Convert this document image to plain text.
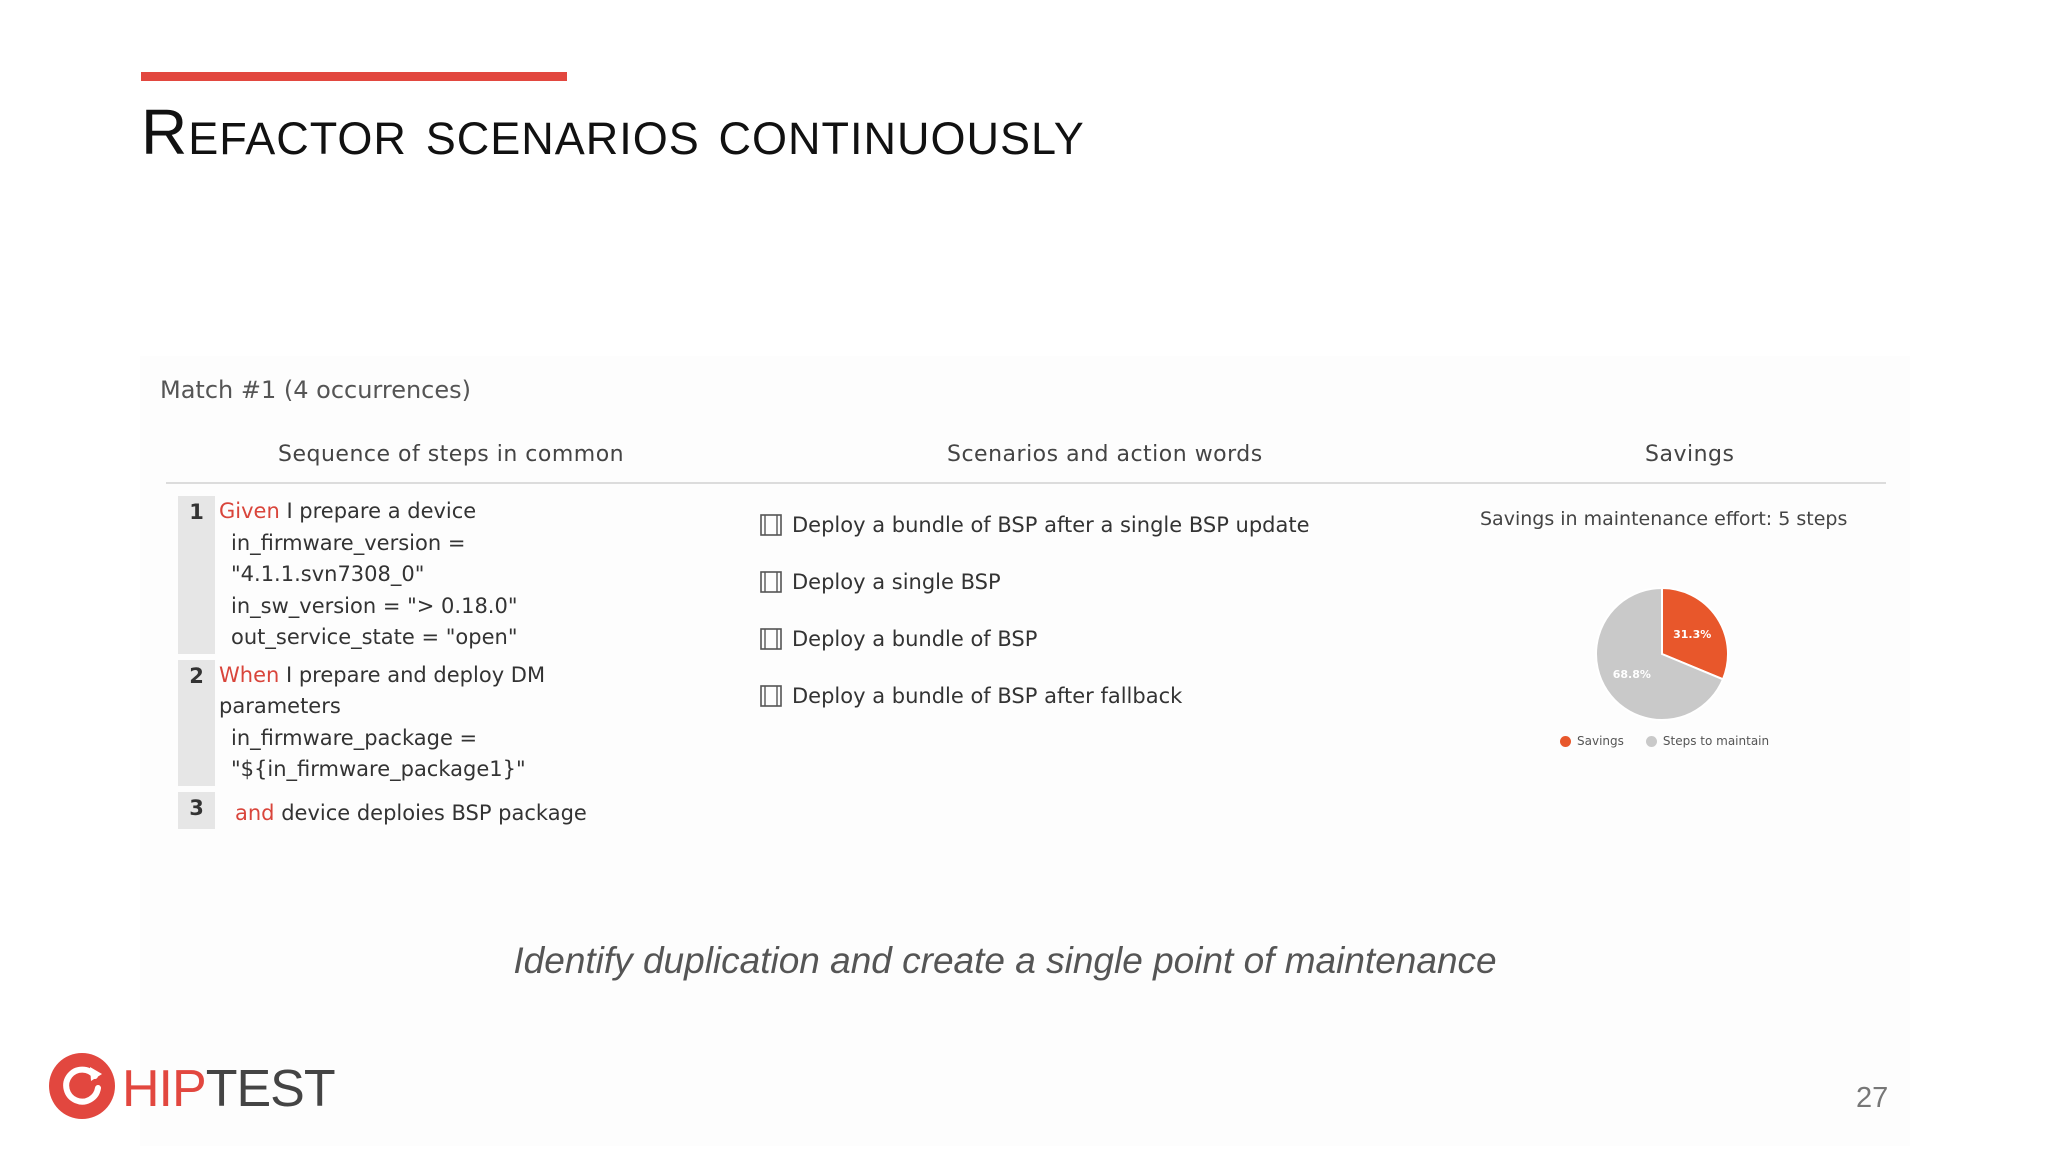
Refactor scenarios continuously
Match #1 (4 occurrences)
Sequence of steps in common	Scenarios and action words	Savings
1 Given I prepare a device
in_firmware_version =
"4.1.1.svn7308_0"
in_sw_version = "> 0.18.0"
out_service_state = "open"
2 When I prepare and deploy DM
parameters
in_firmware_package =
"${in_firmware_package1}"
3	and device deploies BSP package
Deploy a bundle of BSP after a single BSP update
Deploy a single BSP
Deploy a bundle of BSP
Deploy a bundle of BSP after fallback
Savings in maintenance effort: 5 steps
31.3%
68.8%
Savings	Steps to maintain
Identify duplication and create a single point of maintenance
HIPTEST	27
